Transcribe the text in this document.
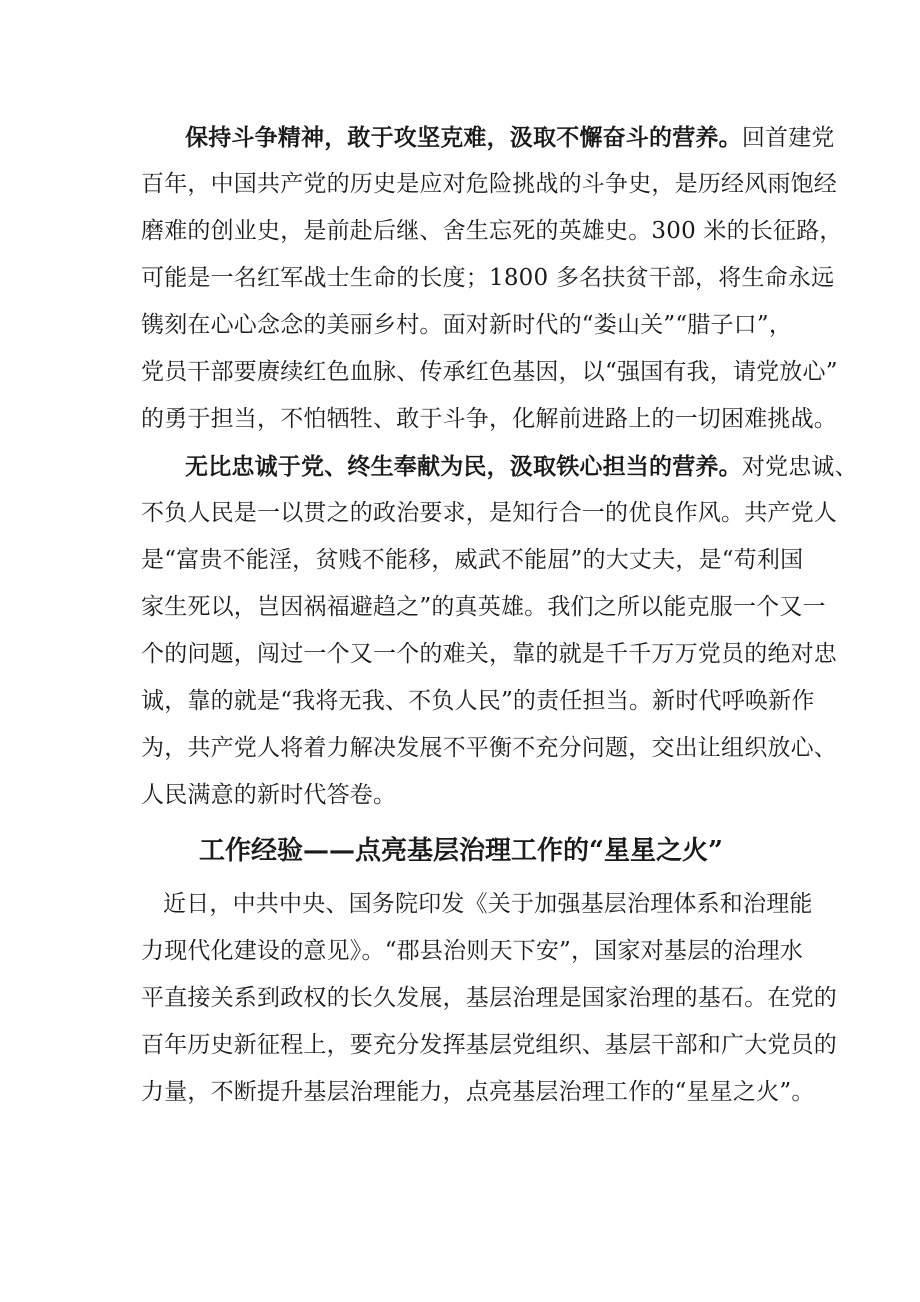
保持斗争精神，敢于攻坚克难，汲取不懈奋斗的营养。回首建党
百年，中国共产党的历史是应对危险挑战的斗争史，是历经风雨饱经
磨难的创业史，是前赴后继、舍生忘死的英雄史。300 米的长征路，
可能是一名红军战士生命的长度；1800 多名扶贫干部，将生命永远
镌刻在心心念念的美丽乡村。面对新时代的“娄山关”“腊子口”，
党员干部要赓续红色血脉、传承红色基因，以“强国有我，请党放心”
的勇于担当，不怕牺牲、敢于斗争，化解前进路上的一切困难挑战。
无比忠诚于党、终生奉献为民，汲取铁心担当的营养。对党忠诚、
不负人民是一以贯之的政治要求，是知行合一的优良作风。共产党人
是“富贵不能淫，贫贱不能移，威武不能屈”的大丈夫，是“苟利国
家生死以，岂因祸福避趋之”的真英雄。我们之所以能克服一个又一
个的问题，闯过一个又一个的难关，靠的就是千千万万党员的绝对忠
诚，靠的就是“我将无我、不负人民”的责任担当。新时代呼唤新作
为，共产党人将着力解决发展不平衡不充分问题，交出让组织放心、
人民满意的新时代答卷。
工作经验——点亮基层治理工作的“星星之火”
近日，中共中央、国务院印发《关于加强基层治理体系和治理能
力现代化建设的意见》。“郡县治则天下安”，国家对基层的治理水
平直接关系到政权的长久发展，基层治理是国家治理的基石。在党的
百年历史新征程上，要充分发挥基层党组织、基层干部和广大党员的
力量，不断提升基层治理能力，点亮基层治理工作的“星星之火”。
